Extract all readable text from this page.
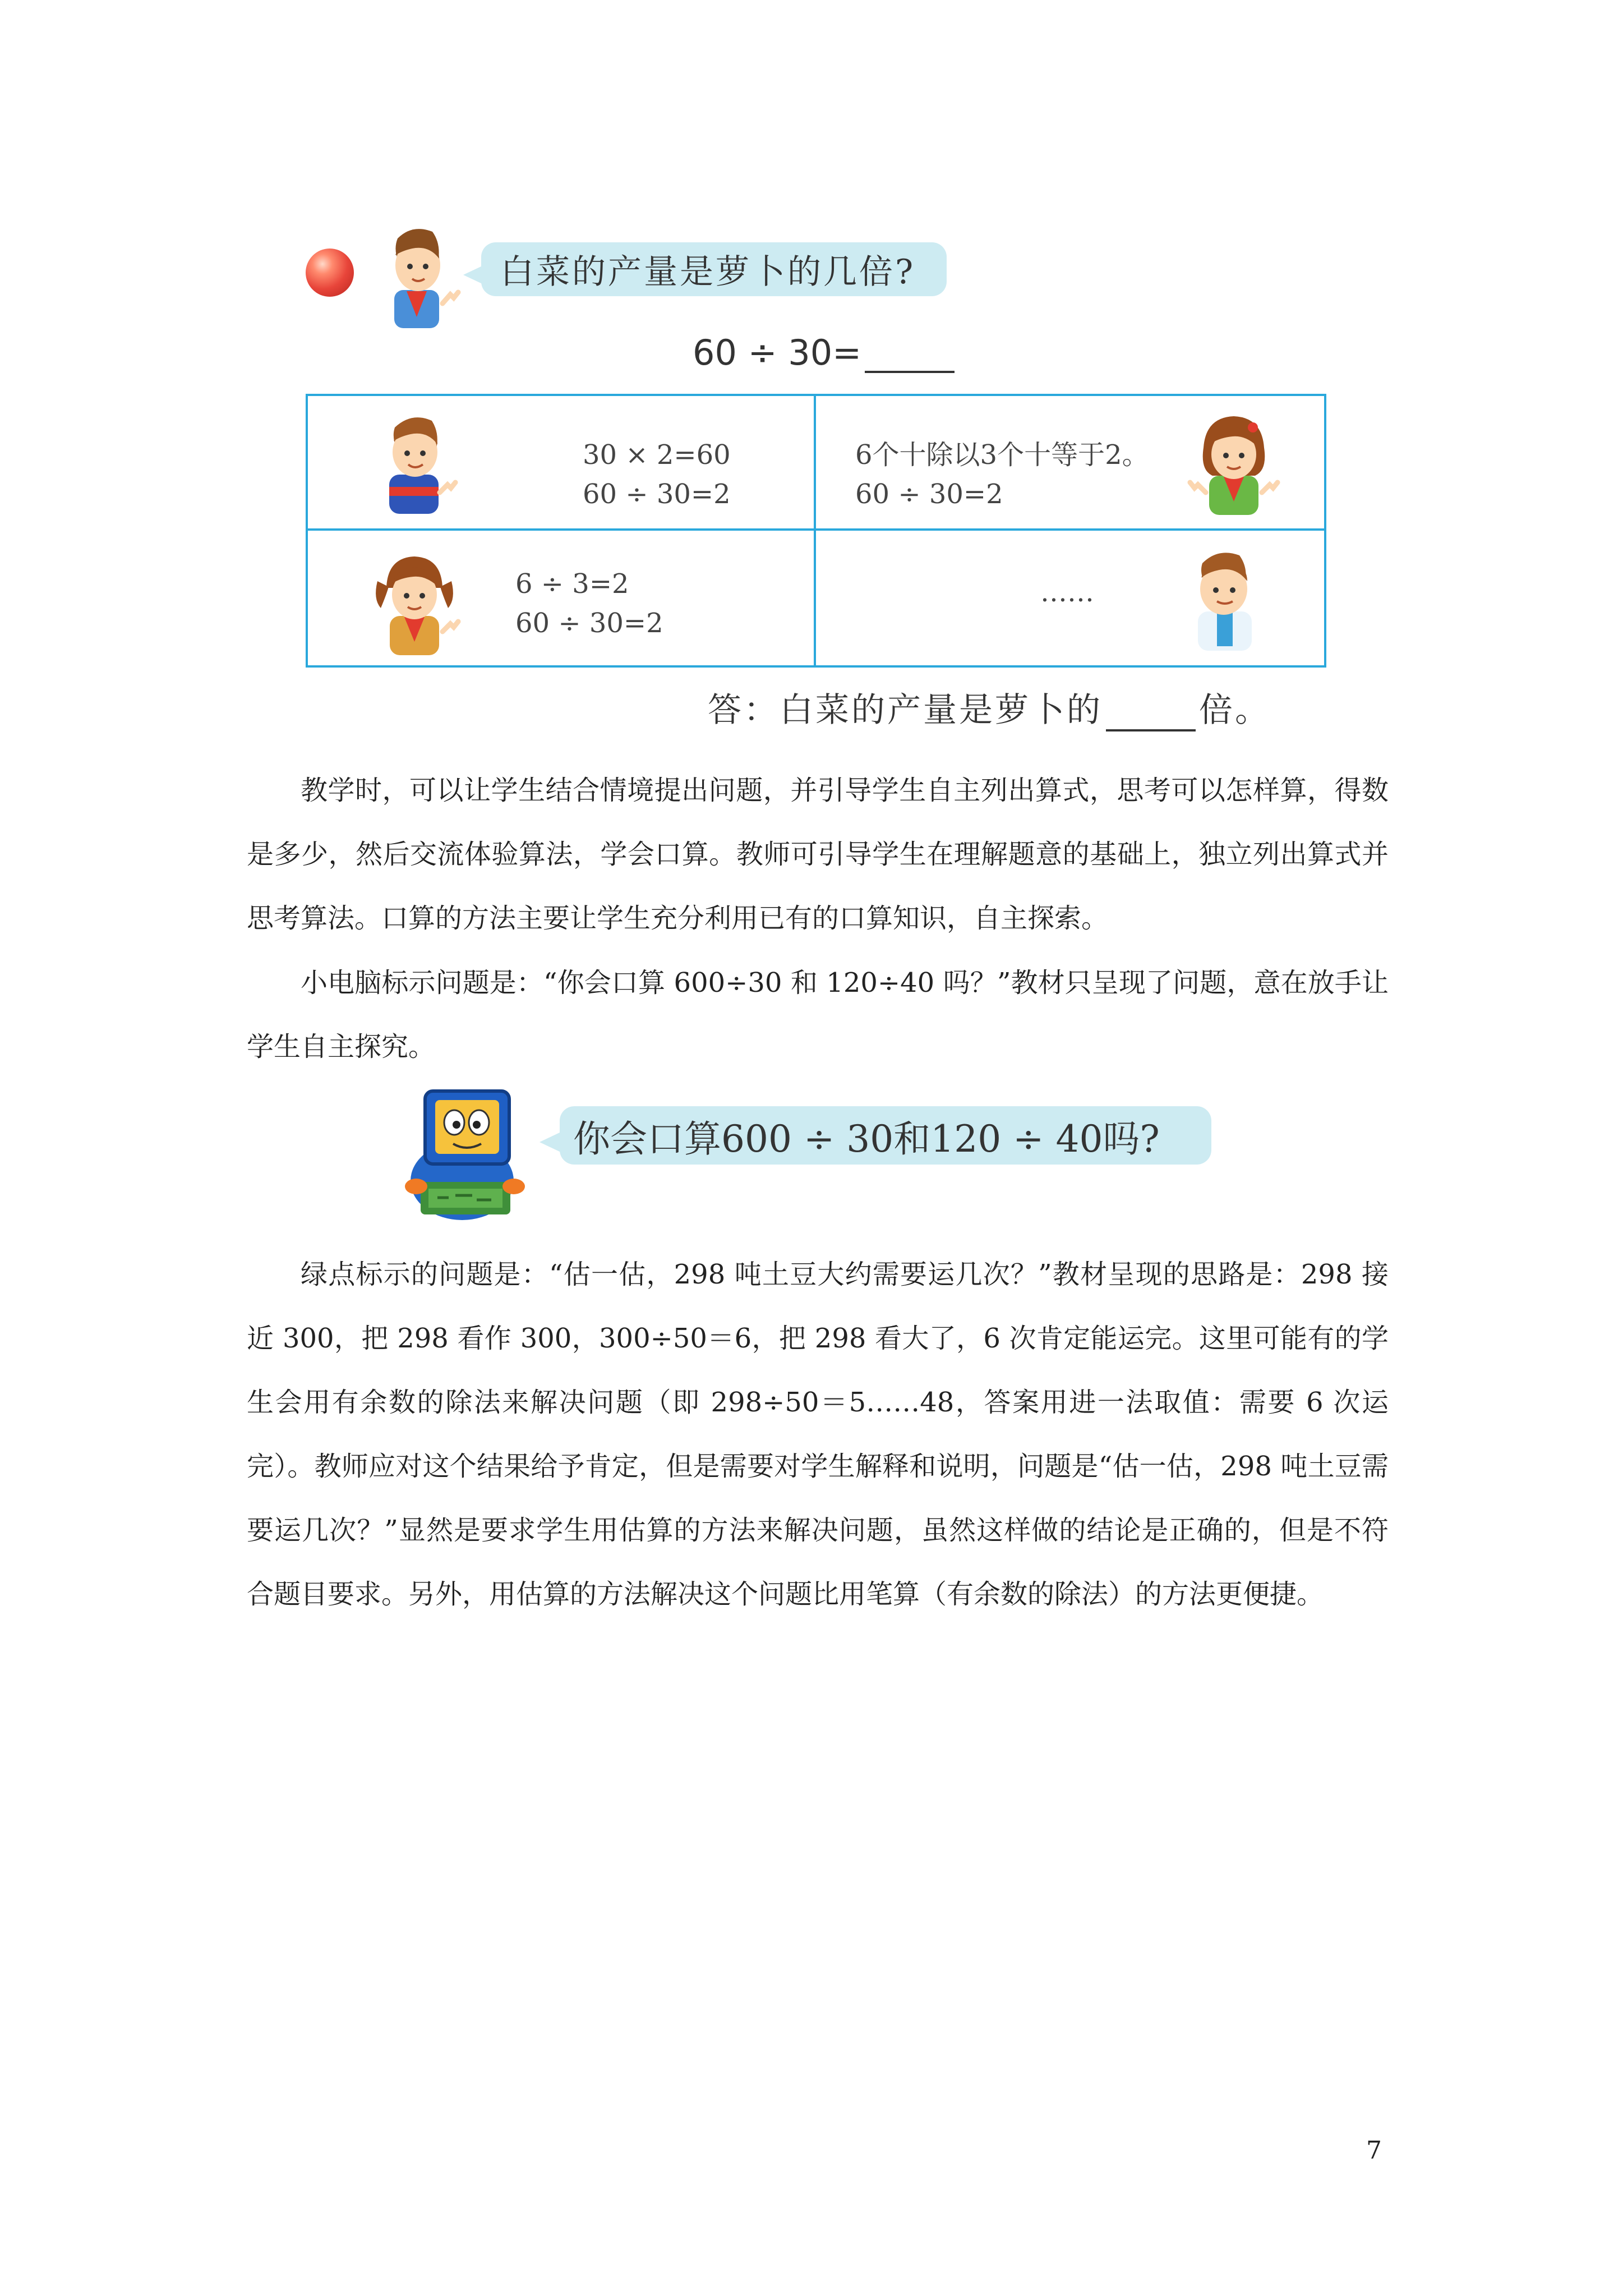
白菜的产量是萝卜的几倍?
60 ÷ 30=
30 × 2=60
60 ÷ 30=2
6个十除以3个十等于2。
60 ÷ 30=2
6 ÷ 3=2
60 ÷ 30=2
……
答：白菜的产量是萝卜的	倍。

教学时，可以让学生结合情境提出问题，并引导学生自主列出算式，思考可以怎样算，得数是多少，然后交流体验算法，学会口算。教师可引导学生在理解题意的基础上，独立列出算式并思考算法。口算的方法主要让学生充分利用已有的口算知识，自主探索。

小电脑标示问题是：“你会口算 600÷30 和 120÷40 吗？”教材只呈现了问题，意在放手让学生自主探究。

你会口算600 ÷ 30和120 ÷ 40吗?

绿点标示的问题是：“估一估，298 吨土豆大约需要运几次？”教材呈现的思路是：298 接近 300，把 298 看作 300，300÷50＝6，把 298 看大了，6 次肯定能运完。这里可能有的学生会用有余数的除法来解决问题（即 298÷50＝5……48，答案用进一法取值：需要 6 次运完）。教师应对这个结果给予肯定，但是需要对学生解释和说明，问题是“估一估，298 吨土豆需要运几次？”显然是要求学生用估算的方法来解决问题，虽然这样做的结论是正确的，但是不符合题目要求。另外，用估算的方法解决这个问题比用笔算（有余数的除法）的方法更便捷。

7
